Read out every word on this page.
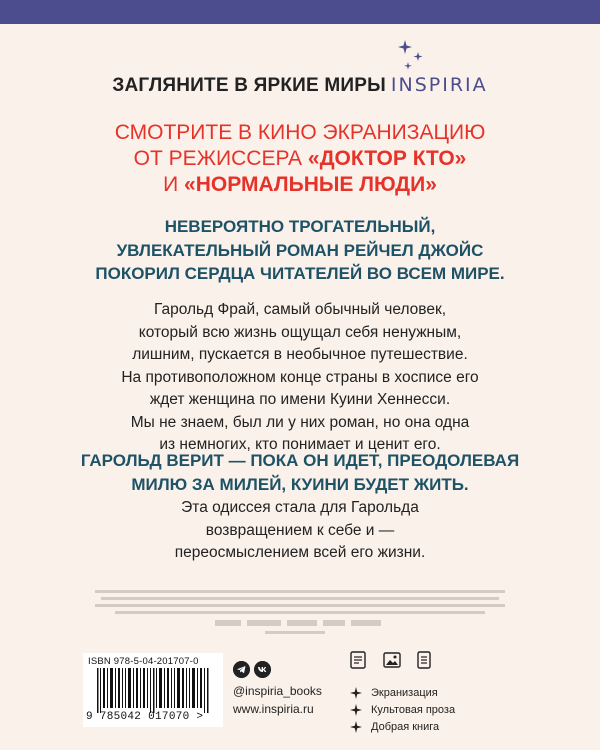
ЗАГЛЯНИТЕ В ЯРКИЕ МИРЫ INSPIRIA
СМОТРИТЕ В КИНО ЭКРАНИЗАЦИЮ
ОТ РЕЖИССЕРА «ДОКТОР КТО»
И «НОРМАЛЬНЫЕ ЛЮДИ»
НЕВЕРОЯТНО ТРОГАТЕЛЬНЫЙ,
УВЛЕКАТЕЛЬНЫЙ РОМАН РЕЙЧЕЛ ДЖОЙС
ПОКОРИЛ СЕРДЦА ЧИТАТЕЛЕЙ ВО ВСЕМ МИРЕ.
Гарольд Фрай, самый обычный человек,
который всю жизнь ощущал себя ненужным,
лишним, пускается в необычное путешествие.
На противоположном конце страны в хосписе его
ждет женщина по имени Куини Хеннесси.
Мы не знаем, был ли у них роман, но она одна
из немногих, кто понимает и ценит его.
ГАРОЛЬД ВЕРИТ — ПОКА ОН ИДЕТ, ПРЕОДОЛЕВАЯ
МИЛЮ ЗА МИЛЕЙ, КУИНИ БУДЕТ ЖИТЬ.
Эта одиссея стала для Гарольда
возвращением к себе и —
переосмыслением всей его жизни.
ISBN 978-5-04-201707-0
9 785042 017070 >
@inspiria_books
www.inspiria.ru
Экранизация
Культовая проза
Добрая книга
